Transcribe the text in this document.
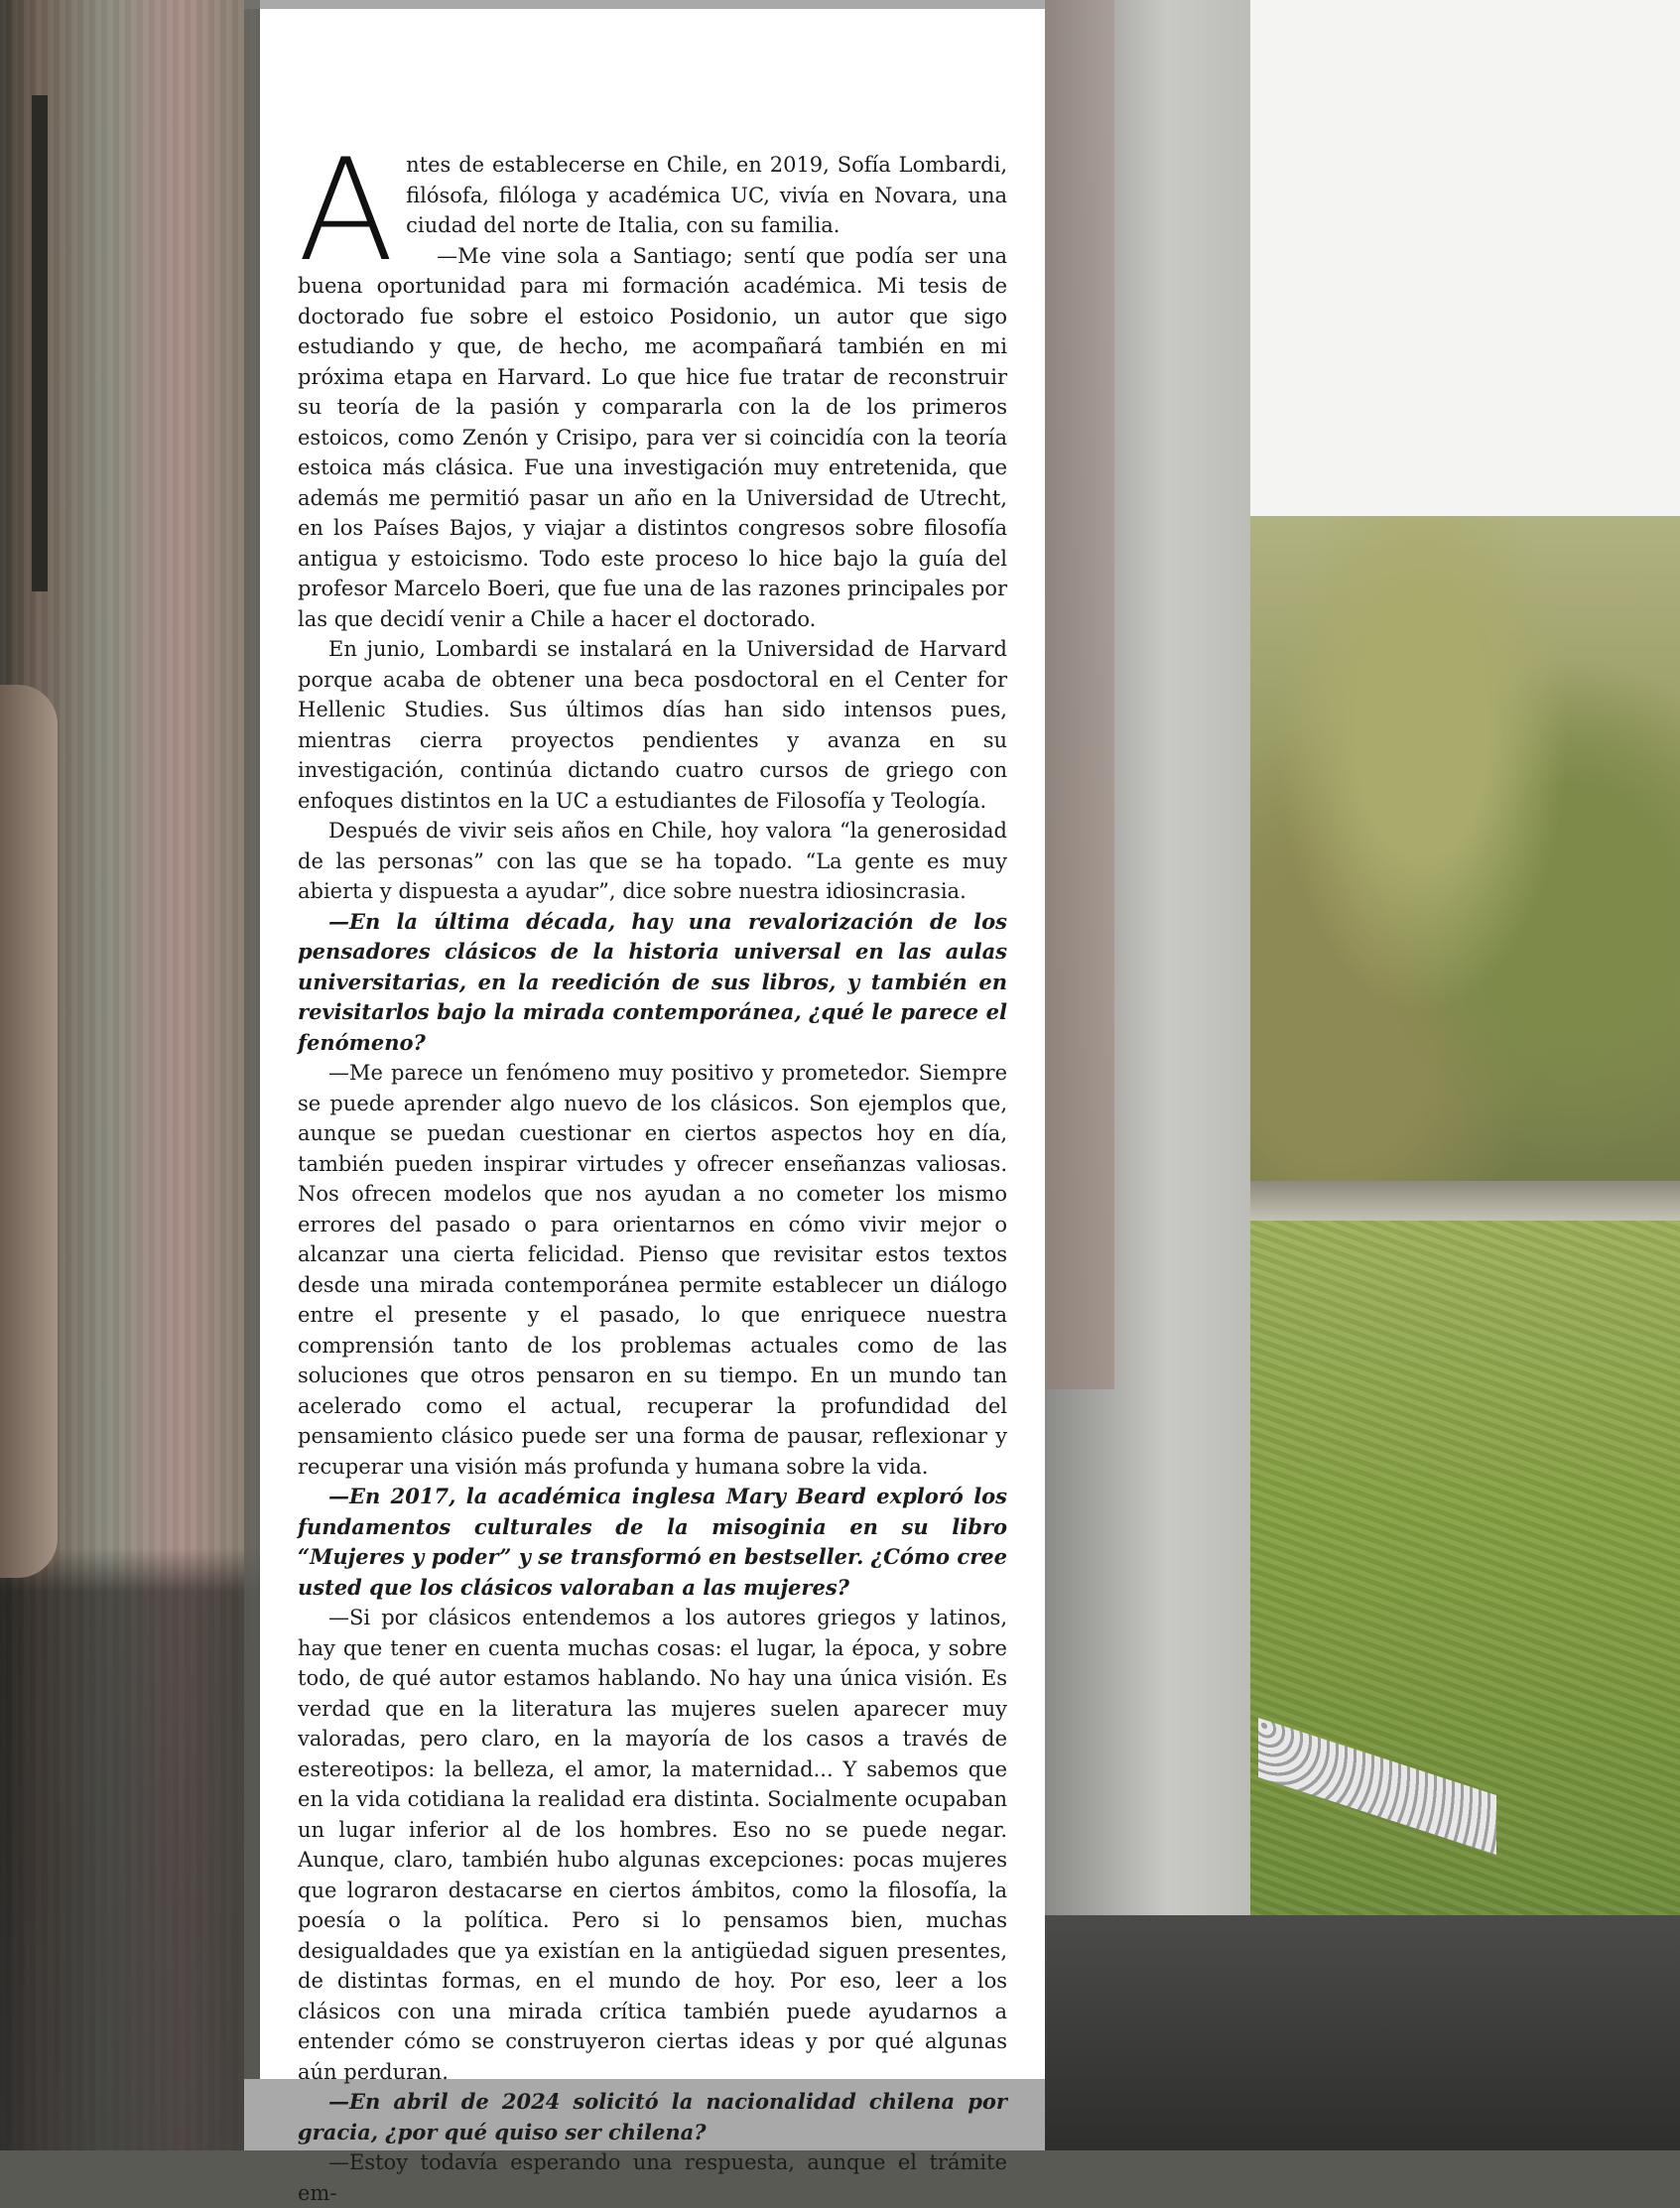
A ntes de establecerse en Chile, en 2019, Sofía Lombardi, filósofa, filóloga y académica UC, vivía en Novara, una ciudad del norte de Italia, con su familia.

—Me vine sola a Santiago; sentí que podía ser una buena oportunidad para mi formación académica. Mi tesis de doctorado fue sobre el estoico Posidonio, un autor que sigo estudiando y que, de hecho, me acompañará también en mi próxima etapa en Harvard. Lo que hice fue tratar de reconstruir su teoría de la pasión y compararla con la de los primeros estoicos, como Zenón y Crisipo, para ver si coincidía con la teoría estoica más clásica. Fue una investigación muy entretenida, que además me permitió pasar un año en la Universidad de Utrecht, en los Países Bajos, y viajar a distintos congresos sobre filosofía antigua y estoicismo. Todo este proceso lo hice bajo la guía del profesor Marcelo Boeri, que fue una de las razones principales por las que decidí venir a Chile a hacer el doctorado.

En junio, Lombardi se instalará en la Universidad de Harvard porque acaba de obtener una beca posdoctoral en el Center for Hellenic Studies. Sus últimos días han sido intensos pues, mientras cierra proyectos pendientes y avanza en su investigación, continúa dictando cuatro cursos de griego con enfoques distintos en la UC a estudiantes de Filosofía y Teología.

Después de vivir seis años en Chile, hoy valora “la generosidad de las personas” con las que se ha topado. “La gente es muy abierta y dispuesta a ayudar”, dice sobre nuestra idiosincrasia.

—En la última década, hay una revalorización de los pensadores clásicos de la historia universal en las aulas universitarias, en la reedición de sus libros, y también en revisitarlos bajo la mirada contemporánea, ¿qué le parece el fenómeno?

—Me parece un fenómeno muy positivo y prometedor. Siempre se puede aprender algo nuevo de los clásicos. Son ejemplos que, aunque se puedan cuestionar en ciertos aspectos hoy en día, también pueden inspirar virtudes y ofrecer enseñanzas valiosas. Nos ofrecen modelos que nos ayudan a no cometer los mismo errores del pasado o para orientarnos en cómo vivir mejor o alcanzar una cierta felicidad. Pienso que revisitar estos textos desde una mirada contemporánea permite establecer un diálogo entre el presente y el pasado, lo que enriquece nuestra comprensión tanto de los problemas actuales como de las soluciones que otros pensaron en su tiempo. En un mundo tan acelerado como el actual, recuperar la profundidad del pensamiento clásico puede ser una forma de pausar, reflexionar y recuperar una visión más profunda y humana sobre la vida.

—En 2017, la académica inglesa Mary Beard exploró los fundamentos culturales de la misoginia en su libro “Mujeres y poder” y se transformó en bestseller. ¿Cómo cree usted que los clásicos valoraban a las mujeres?

—Si por clásicos entendemos a los autores griegos y latinos, hay que tener en cuenta muchas cosas: el lugar, la época, y sobre todo, de qué autor estamos hablando. No hay una única visión. Es verdad que en la literatura las mujeres suelen aparecer muy valoradas, pero claro, en la mayoría de los casos a través de estereotipos: la belleza, el amor, la maternidad... Y sabemos que en la vida cotidiana la realidad era distinta. Socialmente ocupaban un lugar inferior al de los hombres. Eso no se puede negar. Aunque, claro, también hubo algunas excepciones: pocas mujeres que lograron destacarse en ciertos ámbitos, como la filosofía, la poesía o la política. Pero si lo pensamos bien, muchas desigualdades que ya existían en la antigüedad siguen presentes, de distintas formas, en el mundo de hoy. Por eso, leer a los clásicos con una mirada crítica también puede ayudarnos a entender cómo se construyeron ciertas ideas y por qué algunas aún perduran.

—En abril de 2024 solicitó la nacionalidad chilena por gracia, ¿por qué quiso ser chilena?

—Estoy todavía esperando una respuesta, aunque el trámite em-
